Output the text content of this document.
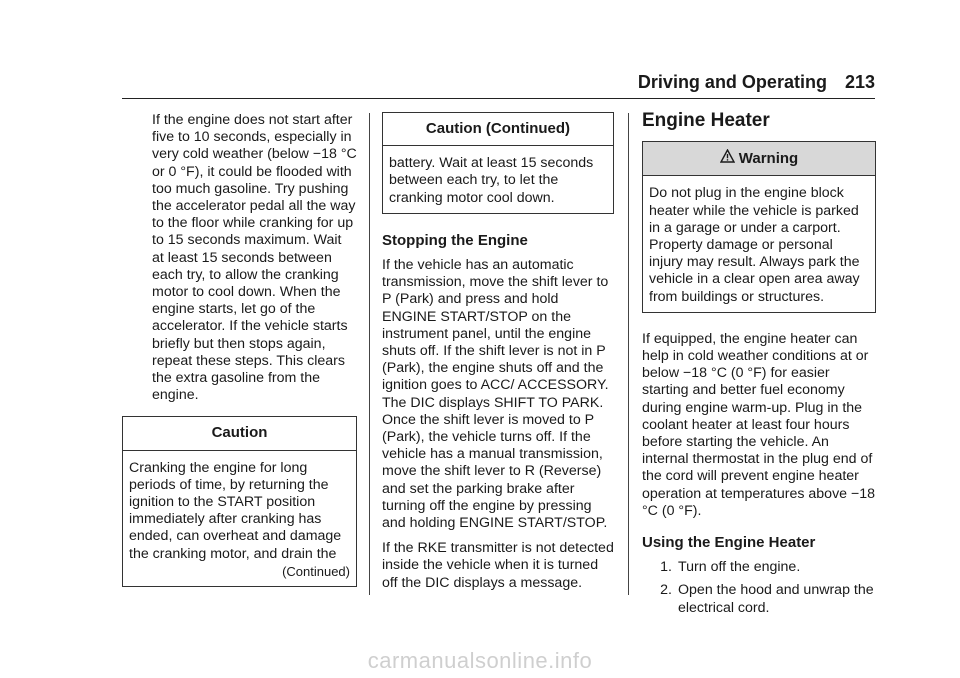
Driving and Operating 213

If the engine does not start after five to 10 seconds, especially in very cold weather (below −18 °C or 0 °F), it could be flooded with too much gasoline. Try pushing the accelerator pedal all the way to the floor while cranking for up to 15 seconds maximum. Wait at least 15 seconds between each try, to allow the cranking motor to cool down. When the engine starts, let go of the accelerator. If the vehicle starts briefly but then stops again, repeat these steps. This clears the extra gasoline from the engine.

Caution
Cranking the engine for long periods of time, by returning the ignition to the START position immediately after cranking has ended, can overheat and damage the cranking motor, and drain the
(Continued)
Caution (Continued)
battery. Wait at least 15 seconds between each try, to let the cranking motor cool down.
Stopping the Engine

If the vehicle has an automatic transmission, move the shift lever to P (Park) and press and hold ENGINE START/STOP on the instrument panel, until the engine shuts off. If the shift lever is not in P (Park), the engine shuts off and the ignition goes to ACC/ ACCESSORY. The DIC displays SHIFT TO PARK. Once the shift lever is moved to P (Park), the vehicle turns off. If the vehicle has a manual transmission, move the shift lever to R (Reverse) and set the parking brake after turning off the engine by pressing and holding ENGINE START/STOP.

If the RKE transmitter is not detected inside the vehicle when it is turned off the DIC displays a message.

Engine Heater
Warning
Do not plug in the engine block heater while the vehicle is parked in a garage or under a carport. Property damage or personal injury may result. Always park the vehicle in a clear open area away from buildings or structures.

If equipped, the engine heater can help in cold weather conditions at or below −18 °C (0 °F) for easier starting and better fuel economy during engine warm-up. Plug in the coolant heater at least four hours before starting the vehicle. An internal thermostat in the plug end of the cord will prevent engine heater operation at temperatures above −18 °C (0 °F).

Using the Engine Heater
1. Turn off the engine.
2. Open the hood and unwrap the electrical cord.
carmanualsonline.info
